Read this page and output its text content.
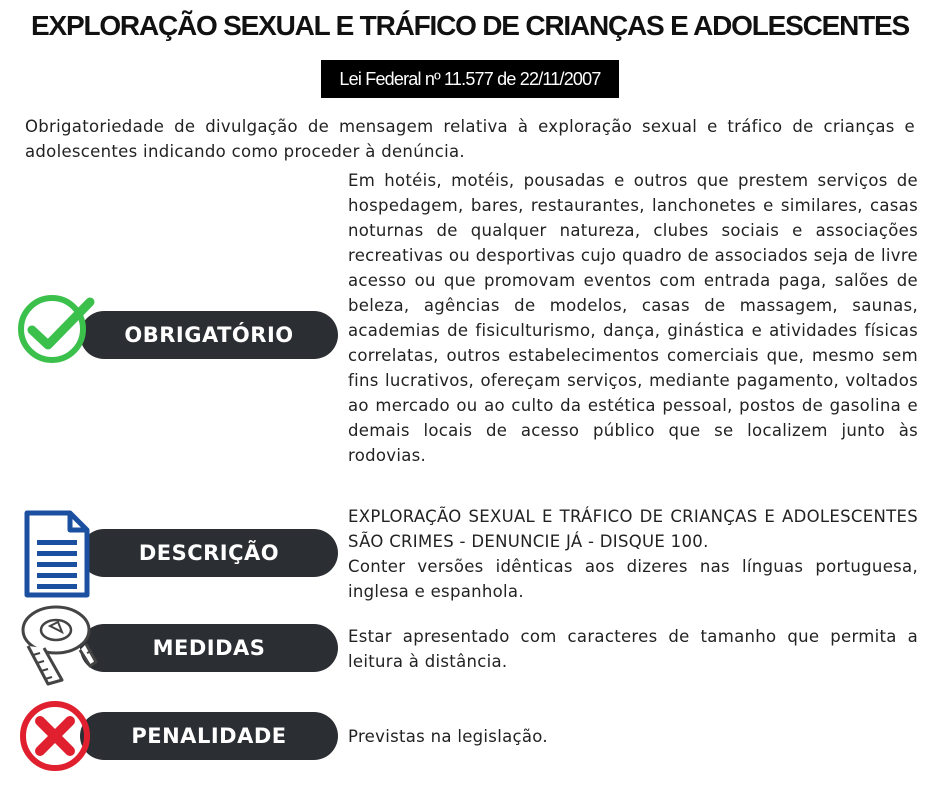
EXPLORAÇÃO SEXUAL E TRÁFICO DE CRIANÇAS E ADOLESCENTES
Lei Federal nº 11.577 de 22/11/2007
Obrigatoriedade de divulgação de mensagem relativa à exploração sexual e tráfico de crianças e adolescentes indicando como proceder à denúncia.
OBRIGATÓRIO
Em hotéis, motéis, pousadas e outros que prestem serviços de hospedagem, bares, restaurantes, lanchonetes e similares, casas noturnas de qualquer natureza, clubes sociais e associações recreativas ou desportivas cujo quadro de associados seja de livre acesso ou que promovam eventos com entrada paga, salões de beleza, agências de modelos, casas de massagem, saunas, academias de fisiculturismo, dança, ginástica e atividades físicas correlatas, outros estabelecimentos comerciais que, mesmo sem fins lucrativos, ofereçam serviços, mediante pagamento, voltados ao mercado ou ao culto da estética pessoal, postos de gasolina e demais locais de acesso público que se localizem junto às rodovias.
DESCRIÇÃO
EXPLORAÇÃO SEXUAL E TRÁFICO DE CRIANÇAS E ADOLESCENTES SÃO CRIMES - DENUNCIE JÁ - DISQUE 100.
Conter versões idênticas aos dizeres nas línguas portuguesa, inglesa e espanhola.
MEDIDAS	Estar apresentado com caracteres de tamanho que permita a leitura à distância.
PENALIDADE	Previstas na legislação.
